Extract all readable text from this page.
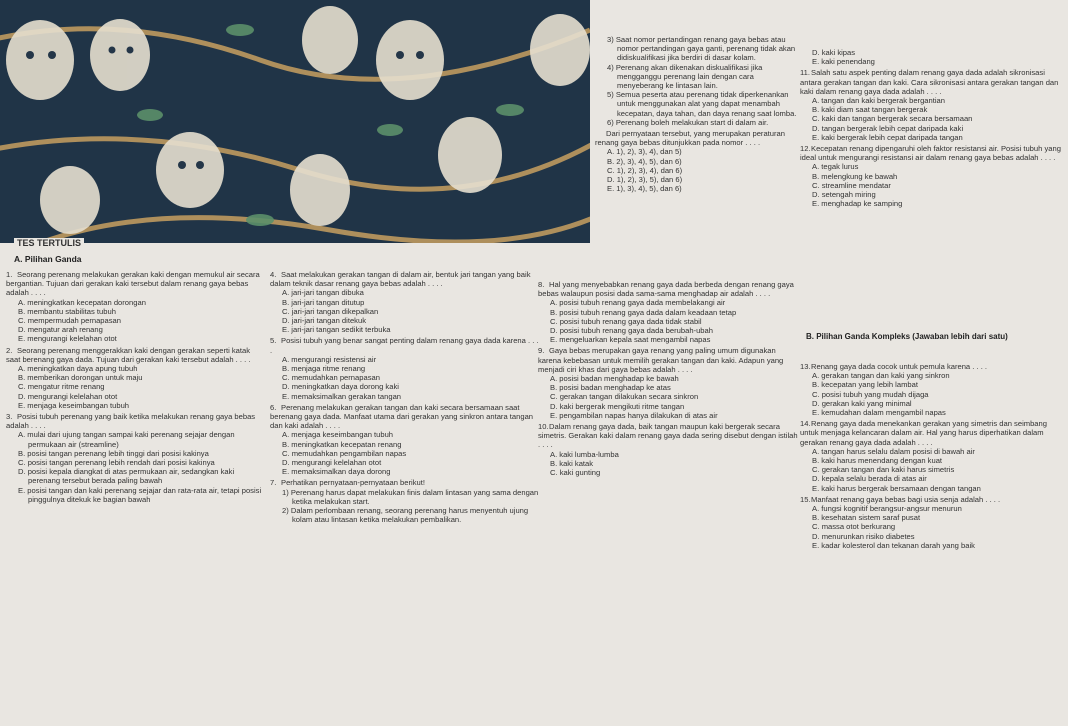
TES TERTULIS
A. Pilihan Ganda

1. Seorang perenang melakukan gerakan kaki dengan memukul air secara bergantian. Tujuan dari gerakan kaki tersebut dalam renang gaya bebas adalah . . . .

A. meningkatkan kecepatan dorongan

B. membantu stabilitas tubuh

C. mempermudah pernapasan

D. mengatur arah renang

E. mengurangi kelelahan otot

2. Seorang perenang menggerakkan kaki dengan gerakan seperti katak saat berenang gaya dada. Tujuan dari gerakan kaki tersebut adalah . . . .

A. meningkatkan daya apung tubuh

B. memberikan dorongan untuk maju

C. mengatur ritme renang

D. mengurangi kelelahan otot

E. menjaga keseimbangan tubuh

3. Posisi tubuh perenang yang baik ketika melakukan renang gaya bebas adalah . . . .

A. mulai dari ujung tangan sampai kaki perenang sejajar dengan permukaan air (streamline)

B. posisi tangan perenang lebih tinggi dari posisi kakinya

C. posisi tangan perenang lebih rendah dari posisi kakinya

D. posisi kepala diangkat di atas permukaan air, sedangkan kaki perenang tersebut berada paling bawah

E. posisi tangan dan kaki perenang sejajar dan rata-rata air, tetapi posisi pinggulnya ditekuk ke bagian bawah

4. Saat melakukan gerakan tangan di dalam air, bentuk jari tangan yang baik dalam teknik dasar renang gaya bebas adalah . . . .

A. jari-jari tangan dibuka

B. jari-jari tangan ditutup

C. jari-jari tangan dikepalkan

D. jari-jari tangan ditekuk

E. jari-jari tangan sedikit terbuka

5. Posisi tubuh yang benar sangat penting dalam renang gaya dada karena . . . .

A. mengurangi resistensi air

B. menjaga ritme renang

C. memudahkan pernapasan

D. meningkatkan daya dorong kaki

E. memaksimalkan gerakan tangan

6. Perenang melakukan gerakan tangan dan kaki secara bersamaan saat berenang gaya dada. Manfaat utama dari gerakan yang sinkron antara tangan dan kaki adalah . . . .

A. menjaga keseimbangan tubuh

B. meningkatkan kecepatan renang

C. memudahkan pengambilan napas

D. mengurangi kelelahan otot

E. memaksimalkan daya dorong

7. Perhatikan pernyataan-pernyataan berikut!

1) Perenang harus dapat melakukan finis dalam lintasan yang sama dengan ketika melakukan start.

2) Dalam perlombaan renang, seorang perenang harus menyentuh ujung kolam atau lintasan ketika melakukan pembalikan.

3) Saat nomor pertandingan renang gaya bebas atau nomor pertandingan gaya ganti, perenang tidak akan didiskualifikasi jika berdiri di dasar kolam.

4) Perenang akan dikenakan diskualifikasi jika mengganggu perenang lain dengan cara menyeberang ke lintasan lain.

5) Semua peserta atau perenang tidak diperkenankan untuk menggunakan alat yang dapat menambah kecepatan, daya tahan, dan daya renang saat lomba.

6) Perenang boleh melakukan start di dalam air.

Dari pernyataan tersebut, yang merupakan peraturan renang gaya bebas ditunjukkan pada nomor . . . .

A. 1), 2), 3), 4), dan 5)

B. 2), 3), 4), 5), dan 6)

C. 1), 2), 3), 4), dan 6)

D. 1), 2), 3), 5), dan 6)

E. 1), 3), 4), 5), dan 6)

8. Hal yang menyebabkan renang gaya dada berbeda dengan renang gaya bebas walaupun posisi dada sama-sama menghadap air adalah . . . .

A. posisi tubuh renang gaya dada membelakangi air

B. posisi tubuh renang gaya dada dalam keadaan tetap

C. posisi tubuh renang gaya dada tidak stabil

D. posisi tubuh renang gaya dada berubah-ubah

E. mengeluarkan kepala saat mengambil napas

9. Gaya bebas merupakan gaya renang yang paling umum digunakan karena kebebasan untuk memilih gerakan tangan dan kaki. Adapun yang menjadi ciri khas dari gaya bebas adalah . . . .

A. posisi badan menghadap ke bawah

B. posisi badan menghadap ke atas

C. gerakan tangan dilakukan secara sinkron

D. kaki bergerak mengikuti ritme tangan

E. pengambilan napas hanya dilakukan di atas air

10.Dalam renang gaya dada, baik tangan maupun kaki bergerak secara simetris. Gerakan kaki dalam renang gaya dada sering disebut dengan istilah . . . .

A. kaki lumba-lumba

B. kaki katak

C. kaki gunting

D. kaki kipas

E. kaki penendang

11.Salah satu aspek penting dalam renang gaya dada adalah sikronisasi antara gerakan tangan dan kaki. Cara sikronisasi antara gerakan tangan dan kaki dalam renang gaya dada adalah . . . .

A. tangan dan kaki bergerak bergantian

B. kaki diam saat tangan bergerak

C. kaki dan tangan bergerak secara bersamaan

D. tangan bergerak lebih cepat daripada kaki

E. kaki bergerak lebih cepat daripada tangan

12.Kecepatan renang dipengaruhi oleh faktor resistansi air. Posisi tubuh yang ideal untuk mengurangi resistansi air dalam renang gaya bebas adalah . . . .

A. tegak lurus

B. melengkung ke bawah

C. streamline mendatar

D. setengah miring

E. menghadap ke samping

B. Pilihan Ganda Kompleks (Jawaban lebih dari satu)

13.Renang gaya dada cocok untuk pemula karena . . . .

A. gerakan tangan dan kaki yang sinkron

B. kecepatan yang lebih lambat

C. posisi tubuh yang mudah dijaga

D. gerakan kaki yang minimal

E. kemudahan dalam mengambil napas

14.Renang gaya dada menekankan gerakan yang simetris dan seimbang untuk menjaga kelancaran dalam air. Hal yang harus diperhatikan dalam gerakan renang gaya dada adalah . . . .

A. tangan harus selalu dalam posisi di bawah air

B. kaki harus menendang dengan kuat

C. gerakan tangan dan kaki harus simetris

D. kepala selalu berada di atas air

E. kaki harus bergerak bersamaan dengan tangan

15.Manfaat renang gaya bebas bagi usia senja adalah . . . .

A. fungsi kognitif berangsur-angsur menurun

B. kesehatan sistem saraf pusat

C. massa otot berkurang

D. menurunkan risiko diabetes

E. kadar kolesterol dan tekanan darah yang baik
